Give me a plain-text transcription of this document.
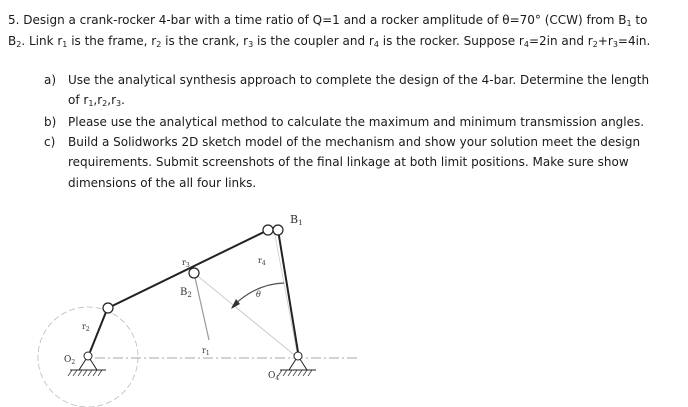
5. Design a crank-rocker 4-bar with a time ratio of Q=1 and a rocker amplitude of θ=70° (CCW) from $B_1$ to
$B_2$. Link $r_1$ is the frame, $r_2$ is the crank, $r_3$ is the coupler and $r_4$ is the rocker. Suppose $r_4=2in$ and $r_2+r_3=4in$.
a) Use the analytical synthesis approach to complete the design of the 4-bar. Determine the length
of $r_1,r_2,r_3$.
b) Please use the analytical method to calculate the maximum and minimum transmission angles.
c) Build a Solidworks 2D sketch model of the mechanism and show your solution meet the design
requirements. Submit screenshots of the final linkage at both limit positions. Make sure show
dimensions of the all four links.
B1
$B_2$
$r_3$
$r_4$
$r_2$
$r_1$
$O_2$
$O_4$
θ
